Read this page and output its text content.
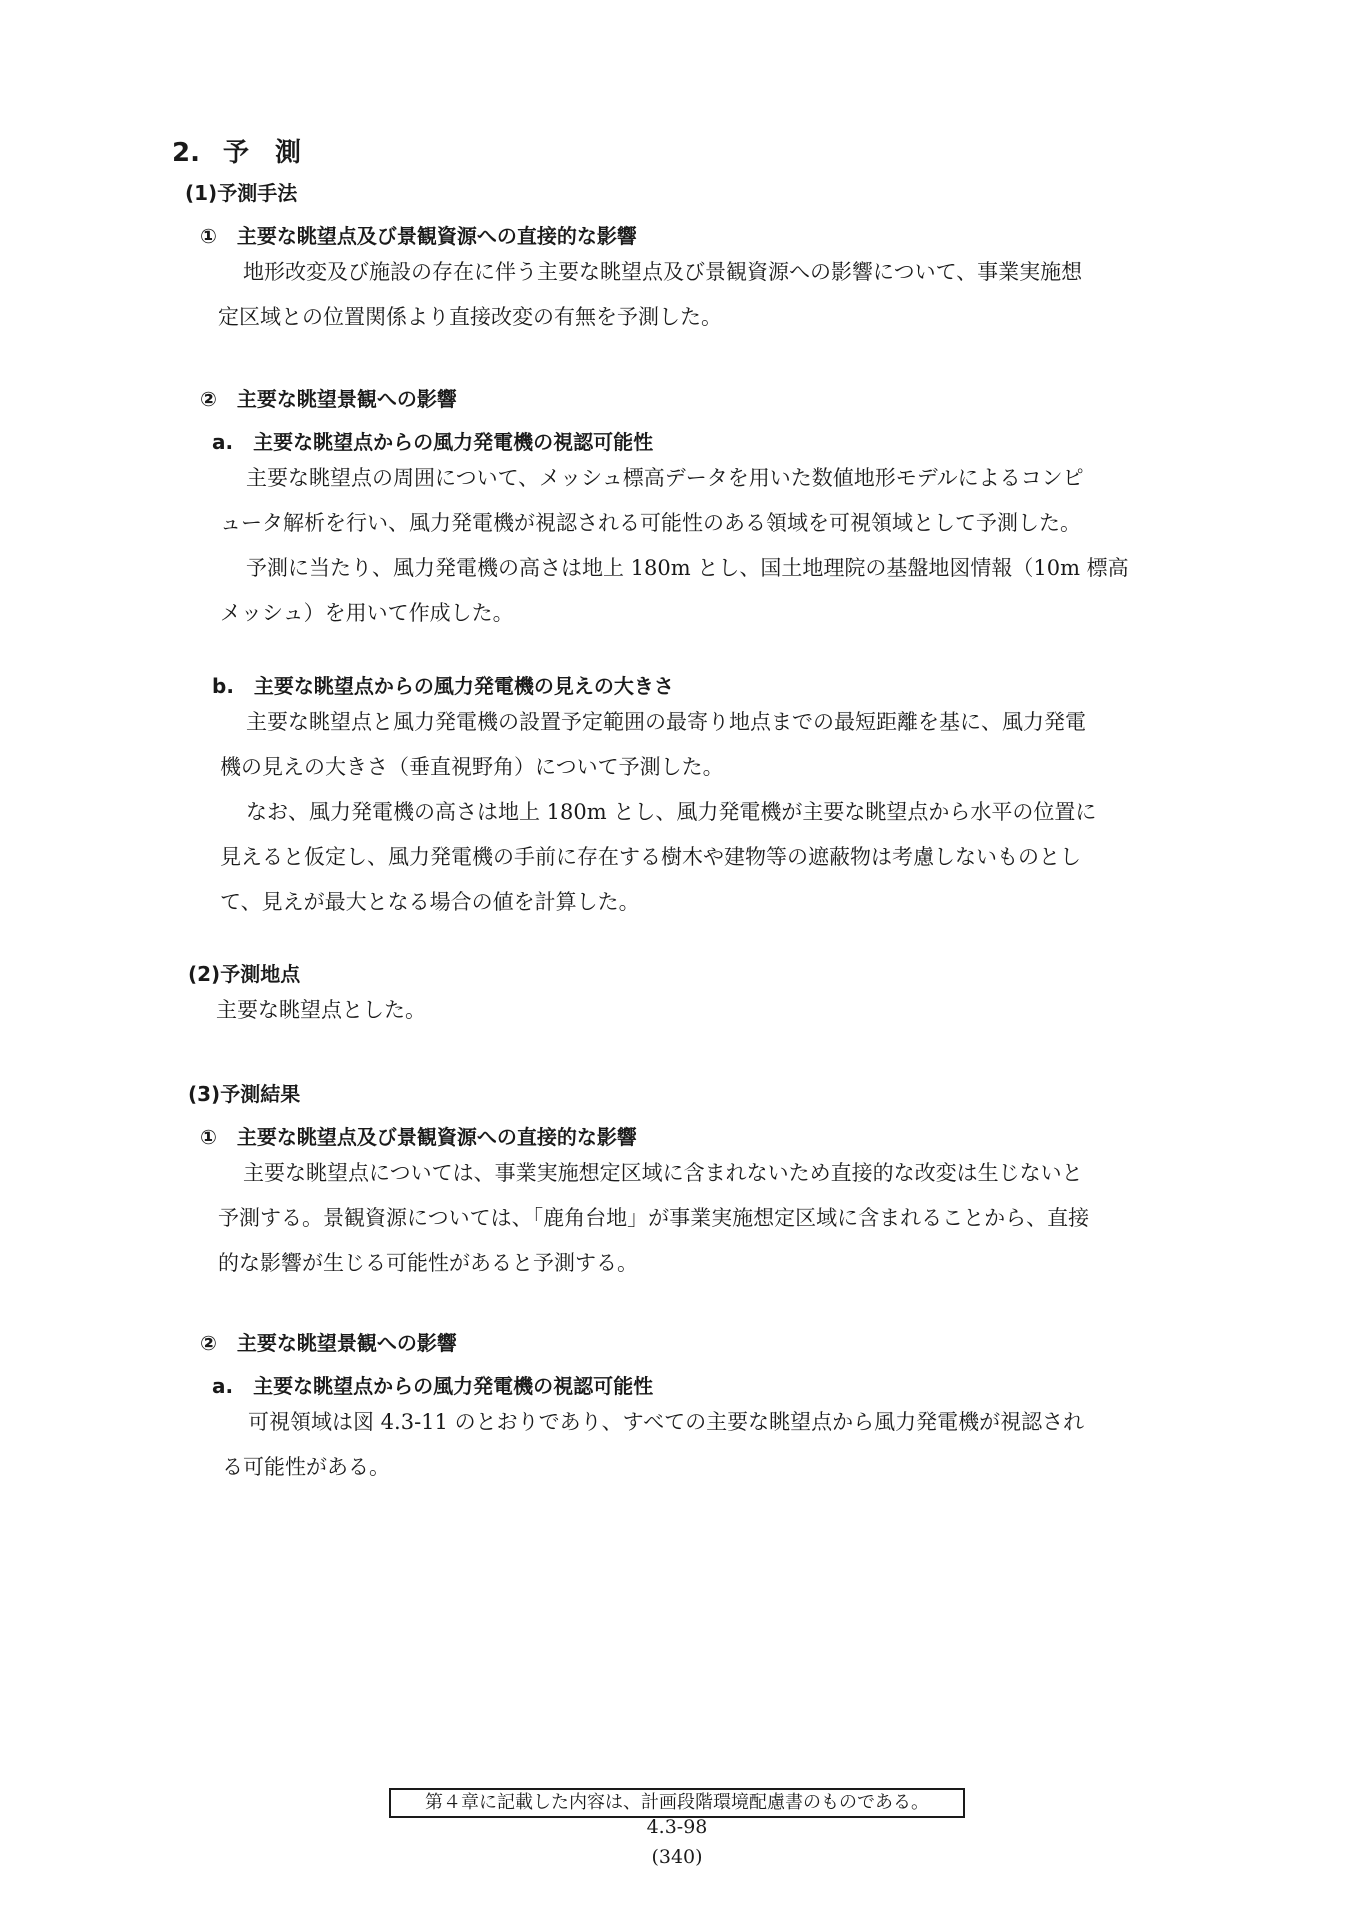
2. 予　測
(1)予測手法
①　主要な眺望点及び景観資源への直接的な影響
地形改変及び施設の存在に伴う主要な眺望点及び景観資源への影響について、事業実施想
定区域との位置関係より直接改変の有無を予測した。
②　主要な眺望景観への影響
a.　主要な眺望点からの風力発電機の視認可能性
主要な眺望点の周囲について、メッシュ標高データを用いた数値地形モデルによるコンピ
ュータ解析を行い、風力発電機が視認される可能性のある領域を可視領域として予測した。
予測に当たり、風力発電機の高さは地上 180m とし、国土地理院の基盤地図情報（10m 標高
メッシュ）を用いて作成した。
b.　主要な眺望点からの風力発電機の見えの大きさ
主要な眺望点と風力発電機の設置予定範囲の最寄り地点までの最短距離を基に、風力発電
機の見えの大きさ（垂直視野角）について予測した。
なお、風力発電機の高さは地上 180m とし、風力発電機が主要な眺望点から水平の位置に
見えると仮定し、風力発電機の手前に存在する樹木や建物等の遮蔽物は考慮しないものとし
て、見えが最大となる場合の値を計算した。
(2)予測地点
主要な眺望点とした。
(3)予測結果
①　主要な眺望点及び景観資源への直接的な影響
主要な眺望点については、事業実施想定区域に含まれないため直接的な改変は生じないと
予測する。景観資源については、「鹿角台地」が事業実施想定区域に含まれることから、直接
的な影響が生じる可能性があると予測する。
②　主要な眺望景観への影響
a.　主要な眺望点からの風力発電機の視認可能性
可視領域は図 4.3-11 のとおりであり、すべての主要な眺望点から風力発電機が視認され
る可能性がある。
第４章に記載した内容は、計画段階環境配慮書のものである。
4.3-98
(340)
